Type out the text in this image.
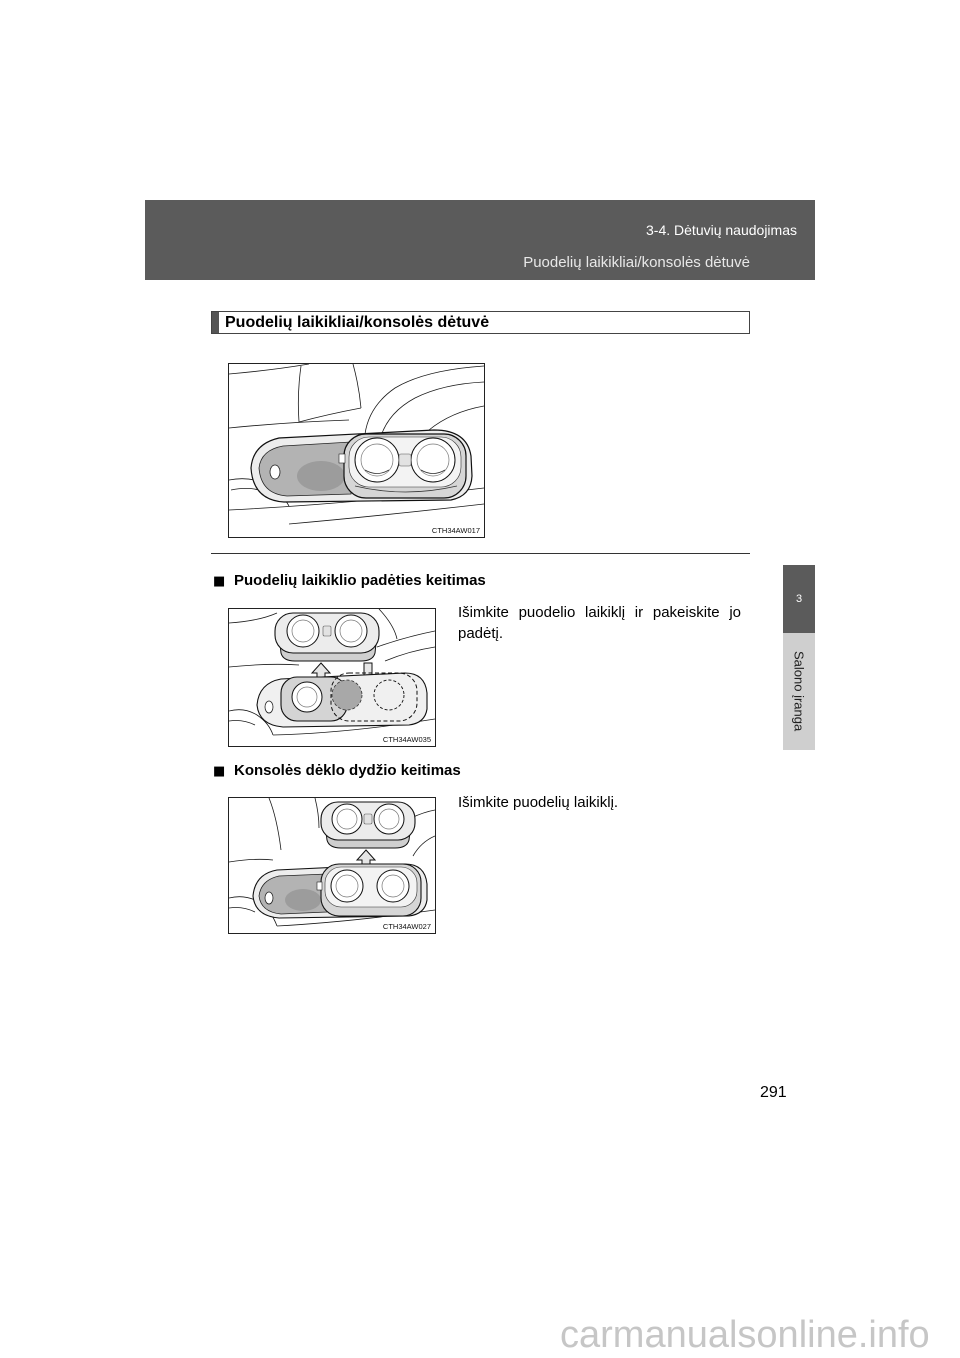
3-4. Dėtuvių naudojimas
Puodelių laikikliai/konsolės dėtuvė
3
Salono įranga
Puodelių laikikliai/konsolės dėtuvė
CTH34AW017
■ Puodelių laikiklio padėties keitimas
CTH34AW035
Išimkite puodelio laikiklį ir pakeiskite jo padėtį.
■ Konsolės dėklo dydžio keitimas
CTH34AW027
Išimkite puodelių laikiklį.
291
carmanualsonline.info
